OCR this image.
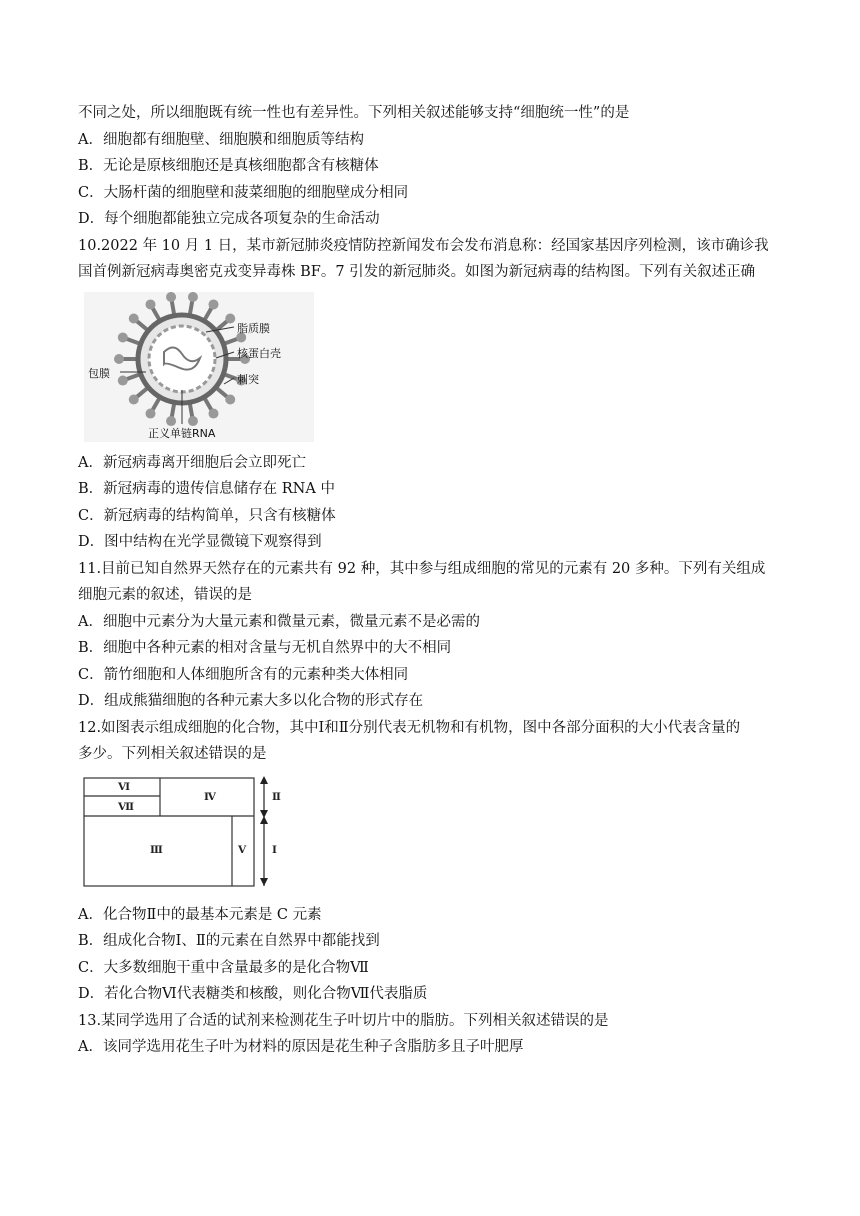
不同之处，所以细胞既有统一性也有差异性。下列相关叙述能够支持“细胞统一性”的是
A．细胞都有细胞壁、细胞膜和细胞质等结构
B．无论是原核细胞还是真核细胞都含有核糖体
C．大肠杆菌的细胞壁和菠菜细胞的细胞壁成分相同
D．每个细胞都能独立完成各项复杂的生命活动
10.2022 年 10 月 1 日，某市新冠肺炎疫情防控新闻发布会发布消息称：经国家基因序列检测，该市确诊我
国首例新冠病毒奥密克戎变异毒株 BF。7 引发的新冠肺炎。如图为新冠病毒的结构图。下列有关叙述正确
脂质膜
核蛋白壳
包膜	刺突
正义单链RNA
A．新冠病毒离开细胞后会立即死亡
B．新冠病毒的遗传信息储存在 RNA 中
C．新冠病毒的结构简单，只含有核糖体
D．图中结构在光学显微镜下观察得到
11.目前已知自然界天然存在的元素共有 92 种，其中参与组成细胞的常见的元素有 20 多种。下列有关组成
细胞元素的叙述，错误的是
A．细胞中元素分为大量元素和微量元素，微量元素不是必需的
B．细胞中各种元素的相对含量与无机自然界中的大不相同
C．箭竹细胞和人体细胞所含有的元素种类大体相同
D．组成熊猫细胞的各种元素大多以化合物的形式存在
12.如图表示组成细胞的化合物，其中Ⅰ和Ⅱ分别代表无机物和有机物，图中各部分面积的大小代表含量的
多少。下列相关叙述错误的是
Ⅵ
Ⅶ
Ⅳ
Ⅲ	Ⅴ
Ⅱ
Ⅰ
A．化合物Ⅱ中的最基本元素是 C 元素
B．组成化合物Ⅰ、Ⅱ的元素在自然界中都能找到
C．大多数细胞干重中含量最多的是化合物Ⅶ
D．若化合物Ⅵ代表糖类和核酸，则化合物Ⅶ代表脂质
13.某同学选用了合适的试剂来检测花生子叶切片中的脂肪。下列相关叙述错误的是
A．该同学选用花生子叶为材料的原因是花生种子含脂肪多且子叶肥厚
